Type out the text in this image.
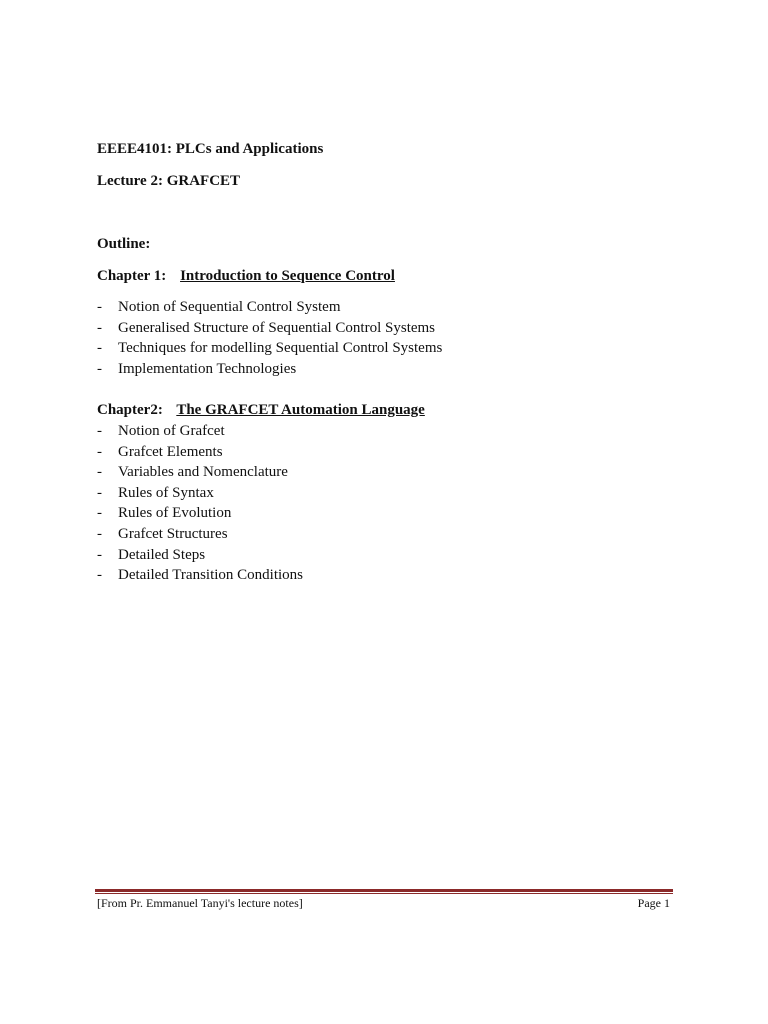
EEEE4101: PLCs and Applications
Lecture 2: GRAFCET
Outline:
Chapter 1: Introduction to Sequence Control
- Notion of Sequential Control System
- Generalised Structure of Sequential Control Systems
- Techniques for modelling Sequential Control Systems
- Implementation Technologies
Chapter2: The GRAFCET Automation Language
- Notion of Grafcet
- Grafcet Elements
- Variables and Nomenclature
- Rules of Syntax
- Rules of Evolution
- Grafcet Structures
- Detailed Steps
- Detailed Transition Conditions
[From Pr. Emmanuel Tanyi's lecture notes]	Page 1
